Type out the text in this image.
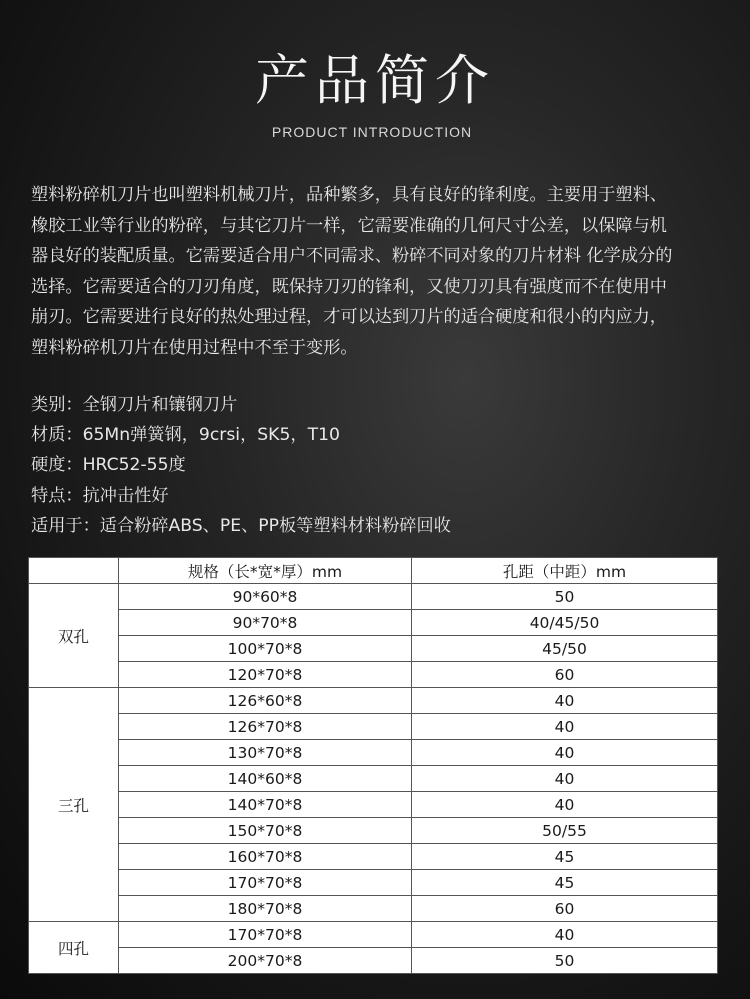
产品简介
PRODUCT INTRODUCTION
塑料粉碎机刀片也叫塑料机械刀片，品种繁多，具有良好的锋利度。主要用于塑料、
橡胶工业等行业的粉碎，与其它刀片一样，它需要准确的几何尺寸公差，以保障与机
器良好的装配质量。它需要适合用户不同需求、粉碎不同对象的刀片材料 化学成分的
选择。它需要适合的刀刃角度，既保持刀刃的锋利，又使刀刃具有强度而不在使用中
崩刃。它需要进行良好的热处理过程，才可以达到刀片的适合硬度和很小的内应力，
塑料粉碎机刀片在使用过程中不至于变形。
类别：全钢刀片和镶钢刀片
材质：65Mn弹簧钢，9crsi，SK5，T10
硬度：HRC52-55度
特点：抗冲击性好
适用于：适合粉碎ABS、PE、PP板等塑料材料粉碎回收
	规格（长*宽*厚）mm	孔距（中距）mm
双孔	90*60*8	50
	90*70*8	40/45/50
	100*70*8	45/50
	120*70*8	60
三孔	126*60*8	40
	126*70*8	40
	130*70*8	40
	140*60*8	40
	140*70*8	40
	150*70*8	50/55
	160*70*8	45
	170*70*8	45
	180*70*8	60
四孔	170*70*8	40
	200*70*8	50
